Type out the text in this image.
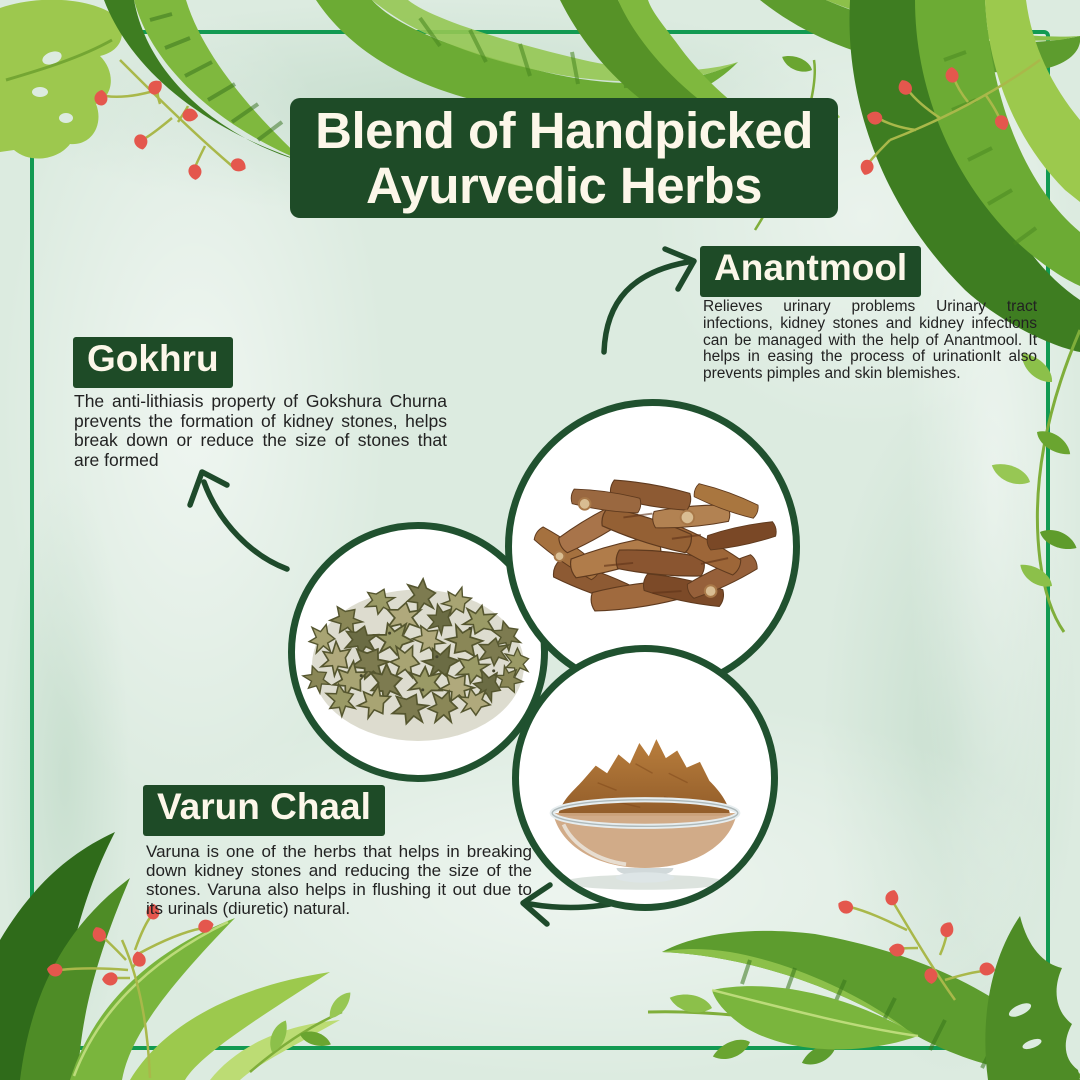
Blend of Handpicked
Ayurvedic Herbs
Anantmool

Relieves urinary problems Urinary tract infections, kidney stones and kidney infections can be managed with the help of Anantmool. It helps in easing the process of urinationIt also prevents pimples and skin blemishes.

Gokhru

The anti-lithiasis property of Gokshura Churna prevents the formation of kidney stones, helps break down or reduce the size of stones that are formed

Varun Chaal

Varuna is one of the herbs that helps in breaking down kidney stones and reducing the size of the stones. Varuna also helps in flushing it out due to its urinals (diuretic) natural.
